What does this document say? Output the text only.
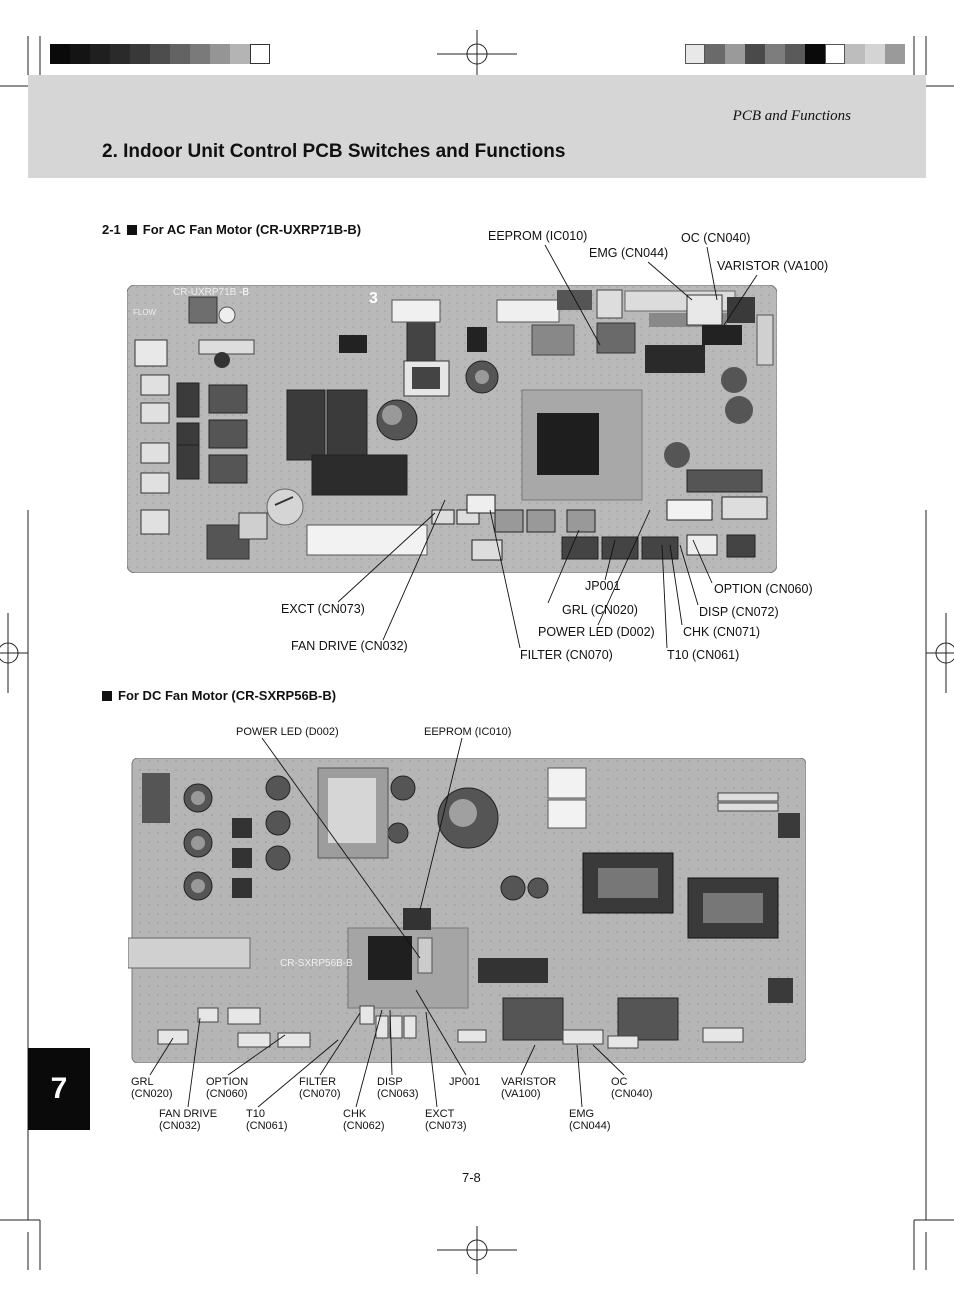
PCB and Functions
2. Indoor Unit Control PCB Switches and Functions
2-1 For AC Fan Motor (CR-UXRP71B-B)
CR-UXRP71B -B	3
FLOW
EEPROM (IC010)
EMG (CN044)
OC (CN040)
VARISTOR (VA100)
JP001	OPTION (CN060)
EXCT (CN073)	GRL (CN020)	DISP (CN072)
POWER LED (D002) CHK (CN071)
FAN DRIVE (CN032)
FILTER (CN070)	T10 (CN061)
For DC Fan Motor (CR-SXRP56B-B)
POWER LED (D002)	EEPROM (IC010)
CR-SXRP56B-B
GRL
(CN020)
OPTION
(CN060)
FILTER
(CN070)
DISP
(CN063)
JP001 VARISTOR
(VA100)
OC
(CN040)
FAN DRIVE
(CN032)
T10
(CN061)
CHK
(CN062)
EXCT
(CN073)
EMG
(CN044)
7
7-8
